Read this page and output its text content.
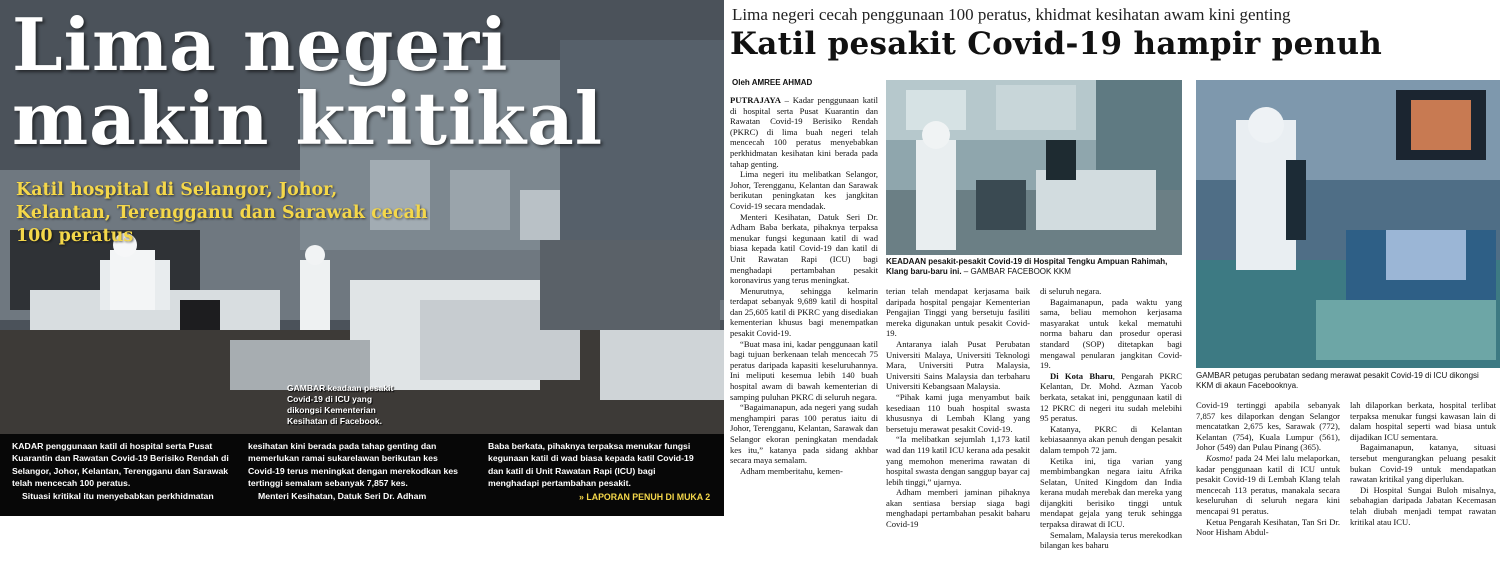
Lima negeri
makin kritikal

Katil hospital di Selangor, Johor, Kelantan, Terengganu dan Sarawak cecah 100 peratus

GAMBAR keadaan pesakit Covid-19 di ICU yang dikongsi Kementerian Kesihatan di Facebook.

KADAR penggunaan katil di hospital serta Pusat Kuarantin dan Rawatan Covid-19 Berisiko Rendah di Selangor, Johor, Kelantan, Terengganu dan Sarawak telah mencecah 100 peratus.
Situasi kritikal itu menyebabkan perkhidmatan

kesihatan kini berada pada tahap genting dan memerlukan ramai sukarelawan berikutan kes Covid-19 terus meningkat dengan merekodkan kes tertinggi semalam sebanyak 7,857 kes.
Menteri Kesihatan, Datuk Seri Dr. Adham

Baba berkata, pihaknya terpaksa menukar fungsi kegunaan katil di wad biasa kepada katil Covid-19 dan katil di Unit Rawatan Rapi (ICU) bagi menghadapi pertambahan pesakit.

» LAPORAN PENUH DI MUKA 2

Lima negeri cecah penggunaan 100 peratus, khidmat kesihatan awam kini genting

Katil pesakit Covid-19 hampir penuh
Oleh AMREE AHMAD

PUTRAJAYA – Kadar penggunaan katil di hospital serta Pusat Kuarantin dan Rawatan Covid-19 Berisiko Rendah (PKRC) di lima buah negeri telah mencecah 100 peratus menyebabkan perkhidmatan kesihatan kini berada pada tahap genting.

Lima negeri itu melibatkan Selangor, Johor, Terengganu, Kelantan dan Sarawak berikutan peningkatan kes jangkitan Covid-19 secara mendadak.

Menteri Kesihatan, Datuk Seri Dr. Adham Baba berkata, pihaknya terpaksa menukar fungsi kegunaan katil di wad biasa kepada katil Covid-19 dan katil di Unit Rawatan Rapi (ICU) bagi menghadapi pertambahan pesakit koronavirus yang terus meningkat.

Menurutnya, sehingga kelmarin terdapat sebanyak 9,689 katil di hospital dan 25,605 katil di PKRC yang disediakan kementerian khusus bagi menempatkan pesakit Covid-19.

“Buat masa ini, kadar penggunaan katil bagi tujuan berkenaan telah mencecah 75 peratus daripada kapasiti keseluruhannya. Ini meliputi kesemua lebih 140 buah hospital awam di bawah kementerian di samping puluhan PKRC di seluruh negara.

“Bagaimanapun, ada negeri yang sudah menghampiri paras 100 peratus iaitu di Johor, Terengganu, Kelantan, Sarawak dan Selangor ekoran peningkatan mendadak kes itu,” katanya pada sidang akhbar secara maya semalam.

Adham memberitahu, kemen-

KEADAAN pesakit-pesakit Covid-19 di Hospital Tengku Ampuan Rahimah, Klang baru-baru ini. – GAMBAR FACEBOOK KKM

terian telah mendapat kerjasama baik daripada hospital pengajar Kementerian Pengajian Tinggi yang bersetuju fasiliti mereka digunakan untuk pesakit Covid-19.

Antaranya ialah Pusat Perubatan Universiti Malaya, Universiti Teknologi Mara, Universiti Putra Malaysia, Universiti Sains Malaysia dan terbaharu Universiti Kebangsaan Malaysia.

“Pihak kami juga menyambut baik kesediaan 110 buah hospital swasta khususnya di Lembah Klang yang bersetuju merawat pesakit Covid-19.

“Ia melibatkan sejumlah 1,173 katil wad dan 119 katil ICU kerana ada pesakit yang memohon menerima rawatan di hospital swasta dengan sanggup bayar caj lebih tinggi,” ujarnya.

Adham memberi jaminan pihaknya akan sentiasa bersiap siaga bagi menghadapi pertambahan pesakit baharu Covid-19

di seluruh negara.

Bagaimanapun, pada waktu yang sama, beliau memohon kerjasama masyarakat untuk kekal mematuhi norma baharu dan prosedur operasi standard (SOP) ditetapkan bagi mengawal penularan jangkitan Covid-19.

Di Kota Bharu, Pengarah PKRC Kelantan, Dr. Mohd. Azman Yacob berkata, setakat ini, penggunaan katil di 12 PKRC di negeri itu sudah melebihi 95 peratus.

Katanya, PKRC di Kelantan kebiasaannya akan penuh dengan pesakit dalam tempoh 72 jam.

Ketika ini, tiga varian yang membimbangkan negara iaitu Afrika Selatan, United Kingdom dan India kerana mudah merebak dan mereka yang dijangkiti berisiko tinggi untuk mendapat gejala yang teruk sehingga terpaksa dirawat di ICU.

Semalam, Malaysia terus merekodkan bilangan kes baharu

GAMBAR petugas perubatan sedang merawat pesakit Covid-19 di ICU dikongsi KKM di akaun Facebooknya.

Covid-19 tertinggi apabila sebanyak 7,857 kes dilaporkan dengan Selangor mencatatkan 2,675 kes, Sarawak (772), Kelantan (754), Kuala Lumpur (561), Johor (549) dan Pulau Pinang (365).

Kosmo! pada 24 Mei lalu melaporkan, kadar penggunaan katil di ICU untuk pesakit Covid-19 di Lembah Klang telah mencecah 113 peratus, manakala secara keseluruhan di seluruh negara kini mencapai 91 peratus.

Ketua Pengarah Kesihatan, Tan Sri Dr. Noor Hisham Abdul-

lah dilaporkan berkata, hospital terlibat terpaksa menukar fungsi kawasan lain di dalam hospital seperti wad biasa untuk dijadikan ICU sementara.

Bagaimanapun, katanya, situasi tersebut mengurangkan peluang pesakit bukan Covid-19 untuk mendapatkan rawatan kritikal yang diperlukan.

Di Hospital Sungai Buloh misalnya, sebahagian daripada Jabatan Kecemasan telah diubah menjadi tempat rawatan kritikal atau ICU.
